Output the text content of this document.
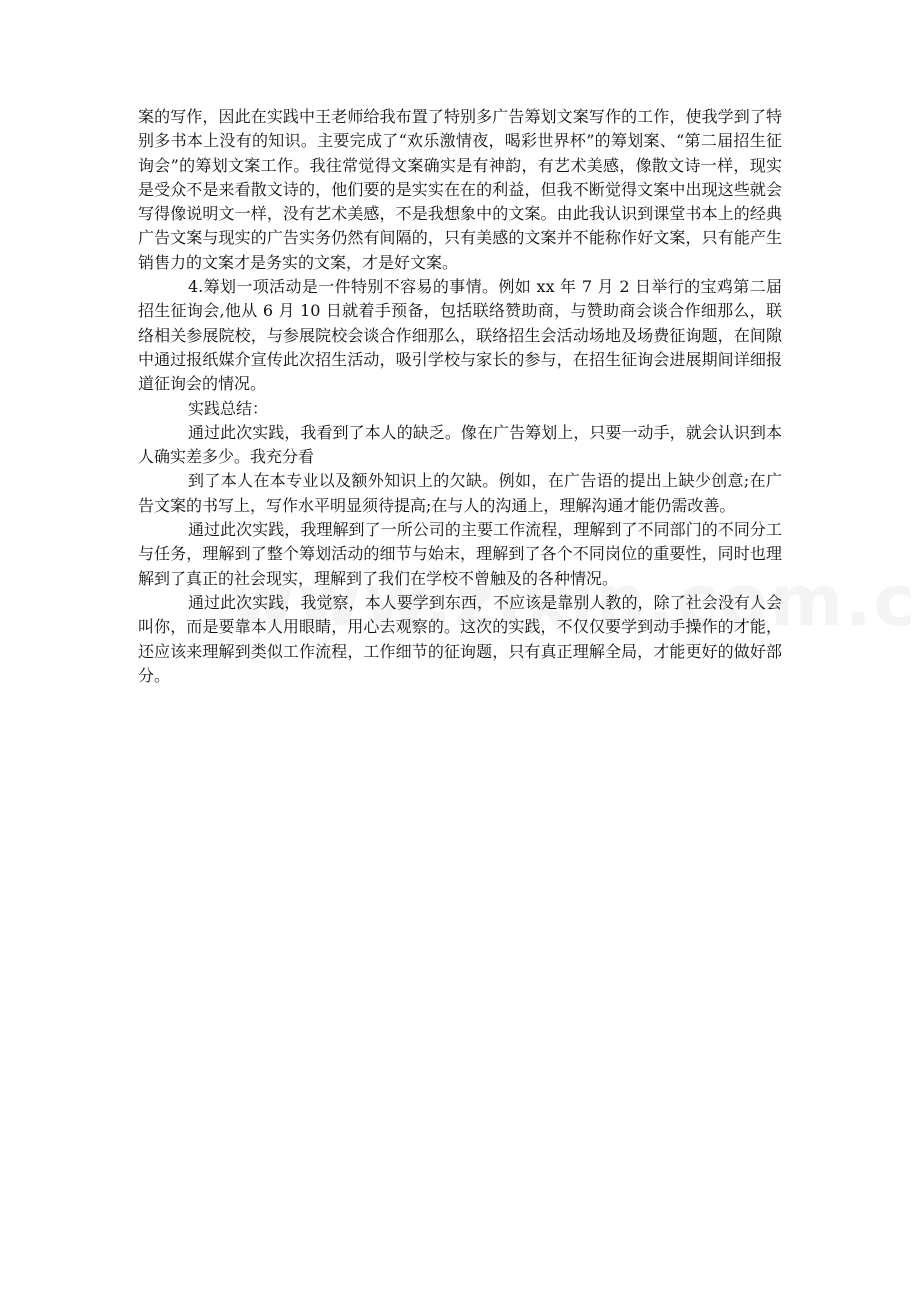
案的写作，因此在实践中王老师给我布置了特别多广告筹划文案写作的工作，使我学到了特别多书本上没有的知识。主要完成了“欢乐激情夜，喝彩世界杯”的筹划案、“第二届招生征询会”的筹划文案工作。我往常觉得文案确实是有神韵，有艺术美感，像散文诗一样，现实是受众不是来看散文诗的，他们要的是实实在在的利益，但我不断觉得文案中出现这些就会写得像说明文一样，没有艺术美感，不是我想象中的文案。由此我认识到课堂书本上的经典广告文案与现实的广告实务仍然有间隔的，只有美感的文案并不能称作好文案，只有能产生销售力的文案才是务实的文案，才是好文案。

4.筹划一项活动是一件特别不容易的事情。例如 xx 年 7 月 2 日举行的宝鸡第二届招生征询会,他从 6 月 10 日就着手预备，包括联络赞助商，与赞助商会谈合作细那么，联络相关参展院校，与参展院校会谈合作细那么，联络招生会活动场地及场费征询题，在间隙中通过报纸媒介宣传此次招生活动，吸引学校与家长的参与，在招生征询会进展期间详细报道征询会的情况。

实践总结：

通过此次实践，我看到了本人的缺乏。像在广告筹划上，只要一动手，就会认识到本人确实差多少。我充分看

到了本人在本专业以及额外知识上的欠缺。例如，在广告语的提出上缺少创意;在广告文案的书写上，写作水平明显须待提高;在与人的沟通上，理解沟通才能仍需改善。

通过此次实践，我理解到了一所公司的主要工作流程，理解到了不同部门的不同分工与任务，理解到了整个筹划活动的细节与始末，理解到了各个不同岗位的重要性，同时也理解到了真正的社会现实，理解到了我们在学校不曾触及的各种情况。

通过此次实践，我觉察，本人要学到东西，不应该是靠别人教的，除了社会没有人会叫你，而是要靠本人用眼睛，用心去观察的。这次的实践，不仅仅要学到动手操作的才能，还应该来理解到类似工作流程，工作细节的征询题，只有真正理解全局，才能更好的做好部分。
